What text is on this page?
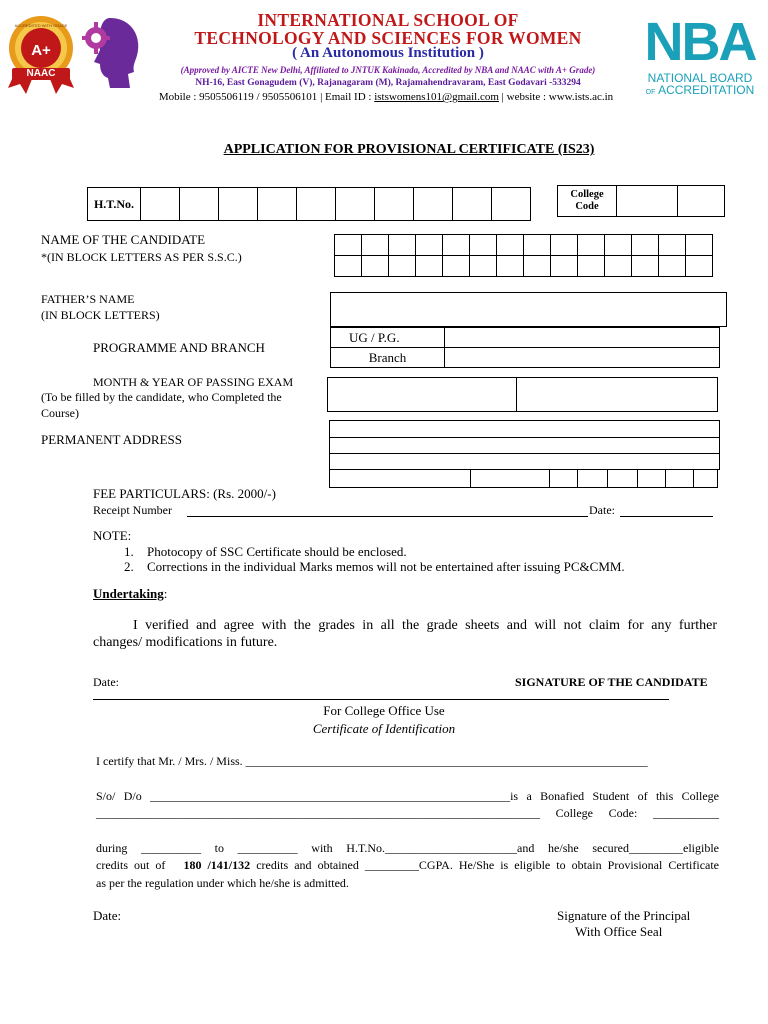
A+
NAAC
ACCREDITED WITH GRADE	INTERNATIONAL SCHOOL OF
TECHNOLOGY AND SCIENCES FOR WOMEN
( An Autonomous Institution )
(Approved by AICTE New Delhi, Affiliated to JNTUK Kakinada, Accredited by NBA and NAAC with A+ Grade)
NH-16, East Gonagudem (V), Rajanagaram (M), Rajamahendravaram, East Godavari -533294
Mobile : 9505506119 / 9505506101 | Email ID : istswomens101@gmail.com | website : www.ists.ac.in
NBA
NATIONAL BOARD
OF ACCREDITATION
APPLICATION FOR PROVISIONAL CERTIFICATE (IS23)
H.T.No.										
College
Code

NAME OF THE CANDIDATE
*(IN BLOCK LETTERS AS PER S.S.C.)

FATHER’S NAME
(IN BLOCK LETTERS)
PROGRAMME AND BRANCH
UG / P.G.	
Branch	
MONTH & YEAR OF PASSING EXAM
(To be filled by the candidate, who Completed the
Course)

PERMANENT ADDRESS

FEE PARTICULARS: (Rs. 2000/-)
Receipt Number	Date:
NOTE:
1. Photocopy of SSC Certificate should be enclosed.
2. Corrections in the individual Marks memos will not be entertained after issuing PC&CMM.
Undertaking:
I verified and agree with the grades in all the grade sheets and will not claim for any further
changes/ modifications in future.
Date:	SIGNATURE OF THE CANDIDATE
For College Office Use
Certificate of Identification
I certify that Mr. / Mrs. / Miss. ___________________________________________________________________
S/o/ D/o ____________________________________________________________is a Bonafied Student of this College
__________________________________________________________________________ College Code: ___________
during __________ to __________ with H.T.No.______________________and he/she secured_________eligible
credits out of 180 /141/132 credits and obtained _________CGPA. He/She is eligible to obtain Provisional Certificate
as per the regulation under which he/she is admitted.
Date:	Signature of the Principal
With Office Seal
